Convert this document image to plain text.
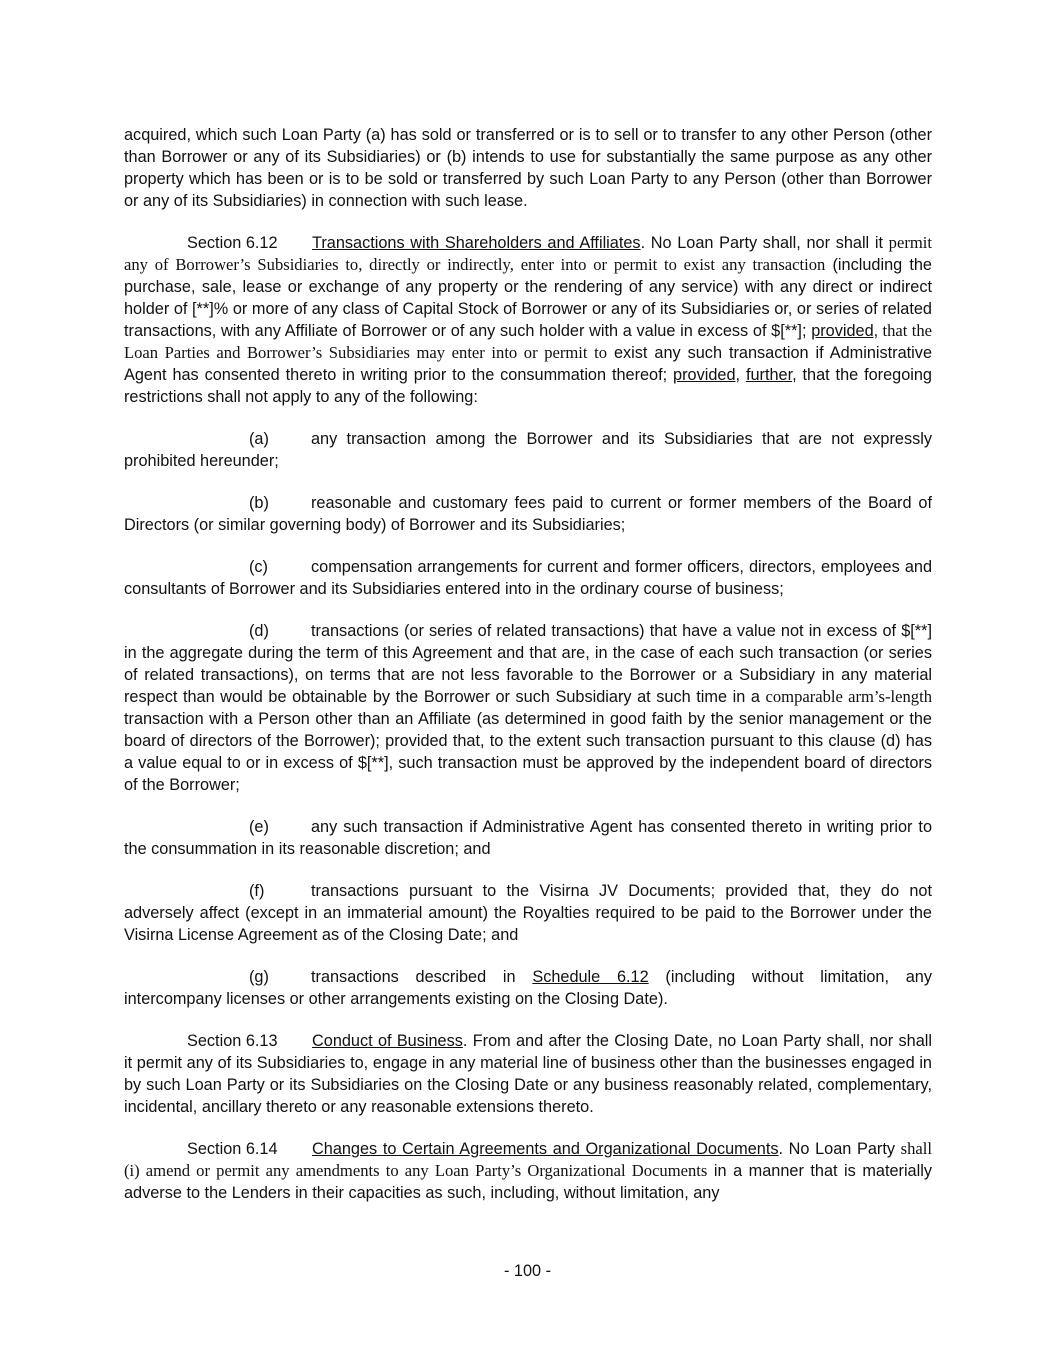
acquired, which such Loan Party (a) has sold or transferred or is to sell or to transfer to any other Person (other than Borrower or any of its Subsidiaries) or (b) intends to use for substantially the same purpose as any other property which has been or is to be sold or transferred by such Loan Party to any Person (other than Borrower or any of its Subsidiaries) in connection with such lease.

Section 6.12 Transactions with Shareholders and Affiliates. No Loan Party shall, nor shall it permit any of Borrower’s Subsidiaries to, directly or indirectly, enter into or permit to exist any transaction (including the purchase, sale, lease or exchange of any property or the rendering of any service) with any direct or indirect holder of [**]% or more of any class of Capital Stock of Borrower or any of its Subsidiaries or, or series of related transactions, with any Affiliate of Borrower or of any such holder with a value in excess of $[**]; provided, that the Loan Parties and Borrower’s Subsidiaries may enter into or permit to exist any such transaction if Administrative Agent has consented thereto in writing prior to the consummation thereof; provided, further, that the foregoing restrictions shall not apply to any of the following:

(a)	any transaction among the Borrower and its Subsidiaries that are not expressly prohibited hereunder;

(b)	reasonable and customary fees paid to current or former members of the Board of Directors (or similar governing body) of Borrower and its Subsidiaries;

(c)	compensation arrangements for current and former officers, directors, employees and consultants of Borrower and its Subsidiaries entered into in the ordinary course of business;

(d)	transactions (or series of related transactions) that have a value not in excess of $[**] in the aggregate during the term of this Agreement and that are, in the case of each such transaction (or series of related transactions), on terms that are not less favorable to the Borrower or a Subsidiary in any material respect than would be obtainable by the Borrower or such Subsidiary at such time in a comparable arm’s-length transaction with a Person other than an Affiliate (as determined in good faith by the senior management or the board of directors of the Borrower); provided that, to the extent such transaction pursuant to this clause (d) has a value equal to or in excess of $[**], such transaction must be approved by the independent board of directors of the Borrower;

(e)	any such transaction if Administrative Agent has consented thereto in writing prior to the consummation in its reasonable discretion; and

(f)	transactions pursuant to the Visirna JV Documents; provided that, they do not adversely affect (except in an immaterial amount) the Royalties required to be paid to the Borrower under the Visirna License Agreement as of the Closing Date; and

(g)	transactions described in Schedule 6.12 (including without limitation, any intercompany licenses or other arrangements existing on the Closing Date).

Section 6.13 Conduct of Business. From and after the Closing Date, no Loan Party shall, nor shall it permit any of its Subsidiaries to, engage in any material line of business other than the businesses engaged in by such Loan Party or its Subsidiaries on the Closing Date or any business reasonably related, complementary, incidental, ancillary thereto or any reasonable extensions thereto.

Section 6.14 Changes to Certain Agreements and Organizational Documents. No Loan Party shall (i) amend or permit any amendments to any Loan Party’s Organizational Documents in a manner that is materially adverse to the Lenders in their capacities as such, including, without limitation, any

- 100 -
